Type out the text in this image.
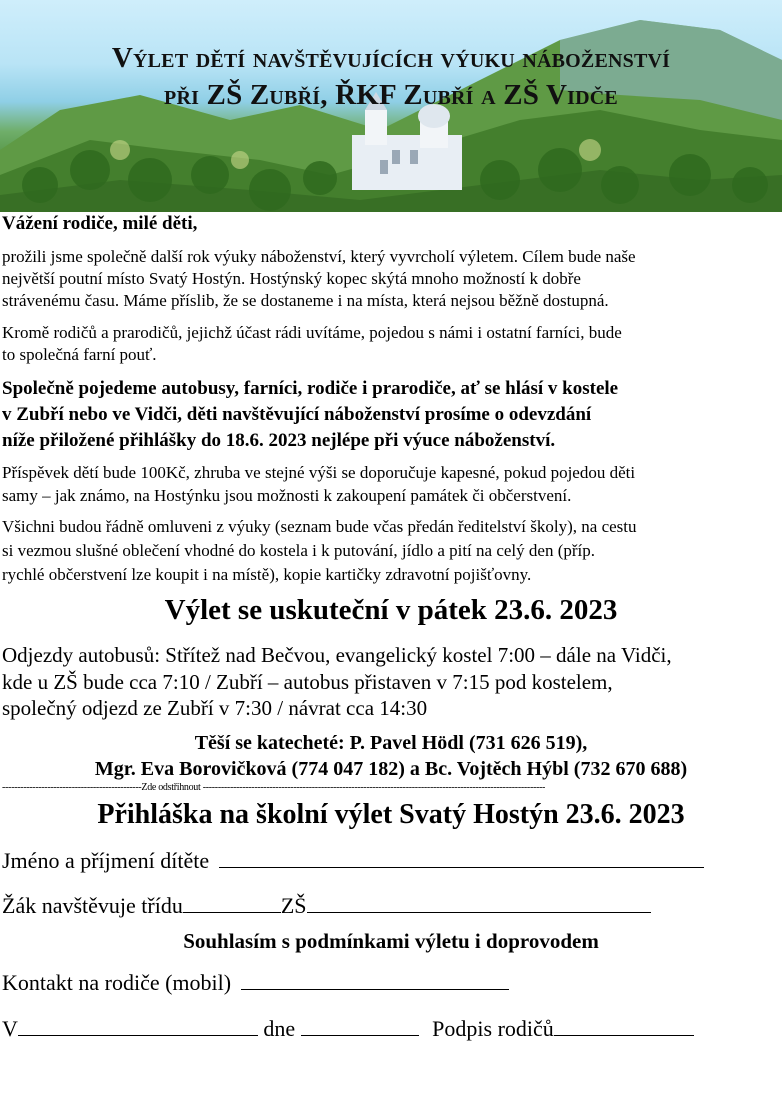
Výlet dětí navštěvujících výuku náboženství
při ZŠ Zubří, ŘKF Zubří a ZŠ Vidče
Vážení rodiče, milé děti,
prožili jsme společně další rok výuky náboženství, který vyvrcholí výletem. Cílem bude naše
největší poutní místo Svatý Hostýn. Hostýnský kopec skýtá mnoho možností k dobře
strávenému času. Máme příslib, že se dostaneme i na místa, která nejsou běžně dostupná.
Kromě rodičů a prarodičů, jejichž účast rádi uvítáme, pojedou s námi i ostatní farníci, bude
to společná farní pouť.
Společně pojedeme autobusy, farníci, rodiče i prarodiče, ať se hlásí v kostele
v Zubří nebo ve Vidči, děti navštěvující náboženství prosíme o odevzdání
níže přiložené přihlášky do 18.6. 2023 nejlépe při výuce náboženství.
Příspěvek dětí bude 100Kč, zhruba ve stejné výši se doporučuje kapesné, pokud pojedou děti
samy – jak známo, na Hostýnku jsou možnosti k zakoupení památek či občerstvení.
Všichni budou řádně omluveni z výuky (seznam bude včas předán ředitelství školy), na cestu
si vezmou slušné oblečení vhodné do kostela i k putování, jídlo a pití na celý den (příp.
rychlé občerstvení lze koupit i na místě), kopie kartičky zdravotní pojišťovny.
Výlet se uskuteční v pátek 23.6. 2023
Odjezdy autobusů: Střítež nad Bečvou, evangelický kostel 7:00 – dále na Vidči,
kde u ZŠ bude cca 7:10 / Zubří – autobus přistaven v 7:15 pod kostelem,
společný odjezd ze Zubří v 7:30 / návrat cca 14:30
Těší se katecheté: P. Pavel Hödl (731 626 519),
Mgr. Eva Borovičková (774 047 182) a Bc. Vojtěch Hýbl (732 670 688)
----------------------------------------------Zde odstřihnout -----------------------------------------------------------------------------------------------------------------
Přihláška na školní výlet Svatý Hostýn 23.6. 2023
Jméno a příjmení dítěte
Žák navštěvuje třídu	ZŠ
Souhlasím s podmínkami výletu i doprovodem
Kontakt na rodiče (mobil)
V	dne	Podpis rodičů
